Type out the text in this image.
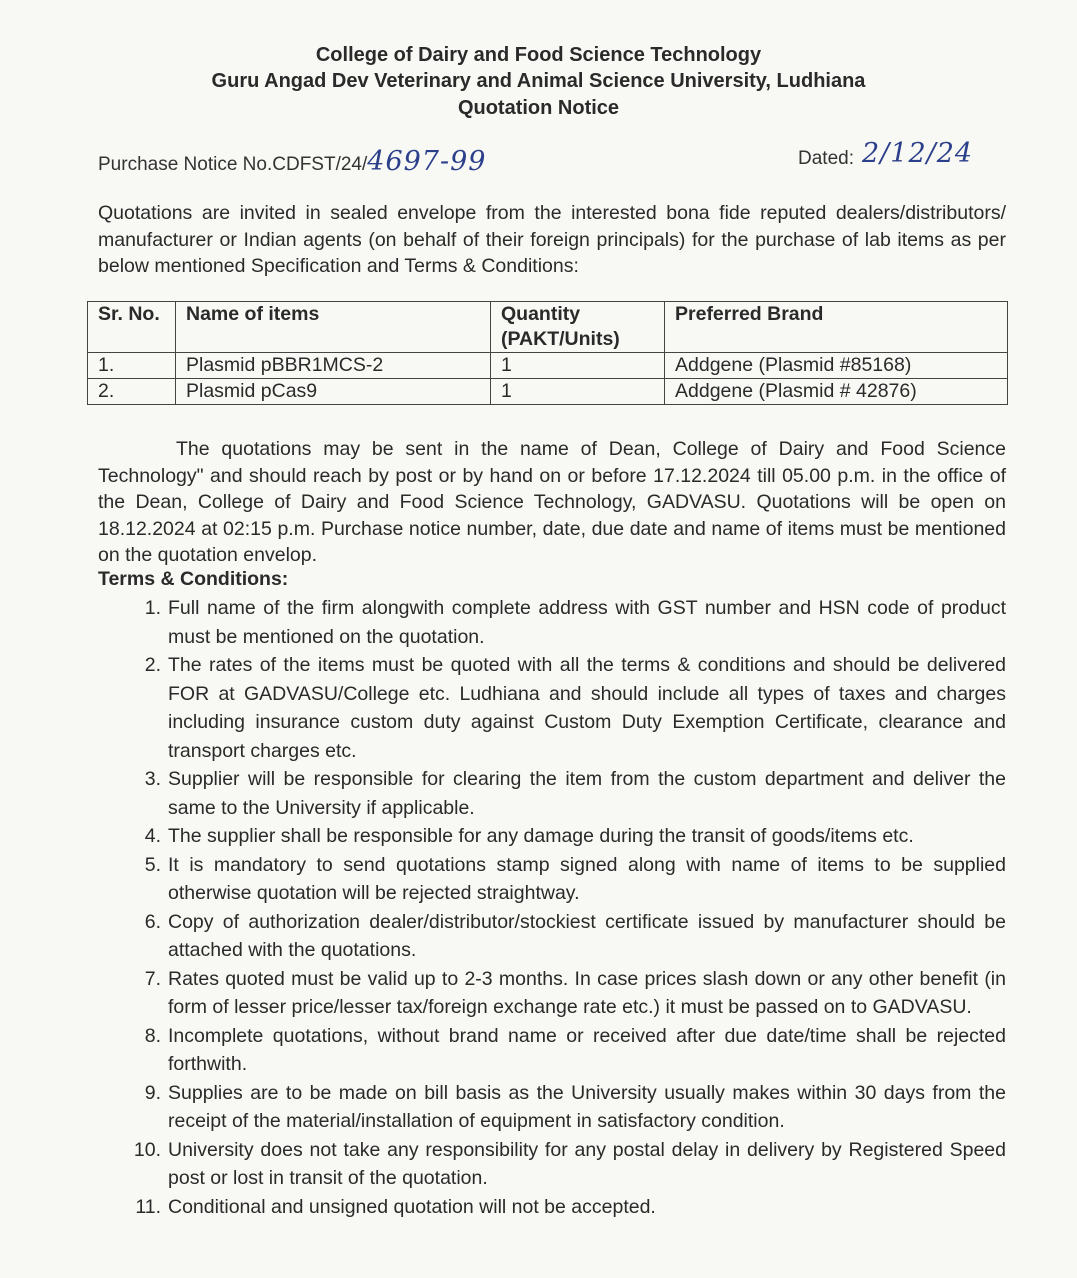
College of Dairy and Food Science Technology
Guru Angad Dev Veterinary and Animal Science University, Ludhiana
Quotation Notice
Purchase Notice No.CDFST/24/4697-99	Dated: 2/12/24
Quotations are invited in sealed envelope from the interested bona fide reputed dealers/distributors/ manufacturer or Indian agents (on behalf of their foreign principals) for the purchase of lab items as per below mentioned Specification and Terms & Conditions:
Sr. No.	Name of items	Quantity (PAKT/Units)	Preferred Brand
1.	Plasmid pBBR1MCS-2	1	Addgene (Plasmid #85168)
2.	Plasmid pCas9	1	Addgene (Plasmid # 42876)
The quotations may be sent in the name of Dean, College of Dairy and Food Science Technology" and should reach by post or by hand on or before 17.12.2024 till 05.00 p.m. in the office of the Dean, College of Dairy and Food Science Technology, GADVASU. Quotations will be open on 18.12.2024 at 02:15 p.m. Purchase notice number, date, due date and name of items must be mentioned on the quotation envelop.
Terms & Conditions:
1. Full name of the firm alongwith complete address with GST number and HSN code of product must be mentioned on the quotation.
2. The rates of the items must be quoted with all the terms & conditions and should be delivered FOR at GADVASU/College etc. Ludhiana and should include all types of taxes and charges including insurance custom duty against Custom Duty Exemption Certificate, clearance and transport charges etc.
3. Supplier will be responsible for clearing the item from the custom department and deliver the same to the University if applicable.
4. The supplier shall be responsible for any damage during the transit of goods/items etc.
5. It is mandatory to send quotations stamp signed along with name of items to be supplied otherwise quotation will be rejected straightway.
6. Copy of authorization dealer/distributor/stockiest certificate issued by manufacturer should be attached with the quotations.
7. Rates quoted must be valid up to 2-3 months. In case prices slash down or any other benefit (in form of lesser price/lesser tax/foreign exchange rate etc.) it must be passed on to GADVASU.
8. Incomplete quotations, without brand name or received after due date/time shall be rejected forthwith.
9. Supplies are to be made on bill basis as the University usually makes within 30 days from the receipt of the material/installation of equipment in satisfactory condition.
10. University does not take any responsibility for any postal delay in delivery by Registered Speed post or lost in transit of the quotation.
11. Conditional and unsigned quotation will not be accepted.
